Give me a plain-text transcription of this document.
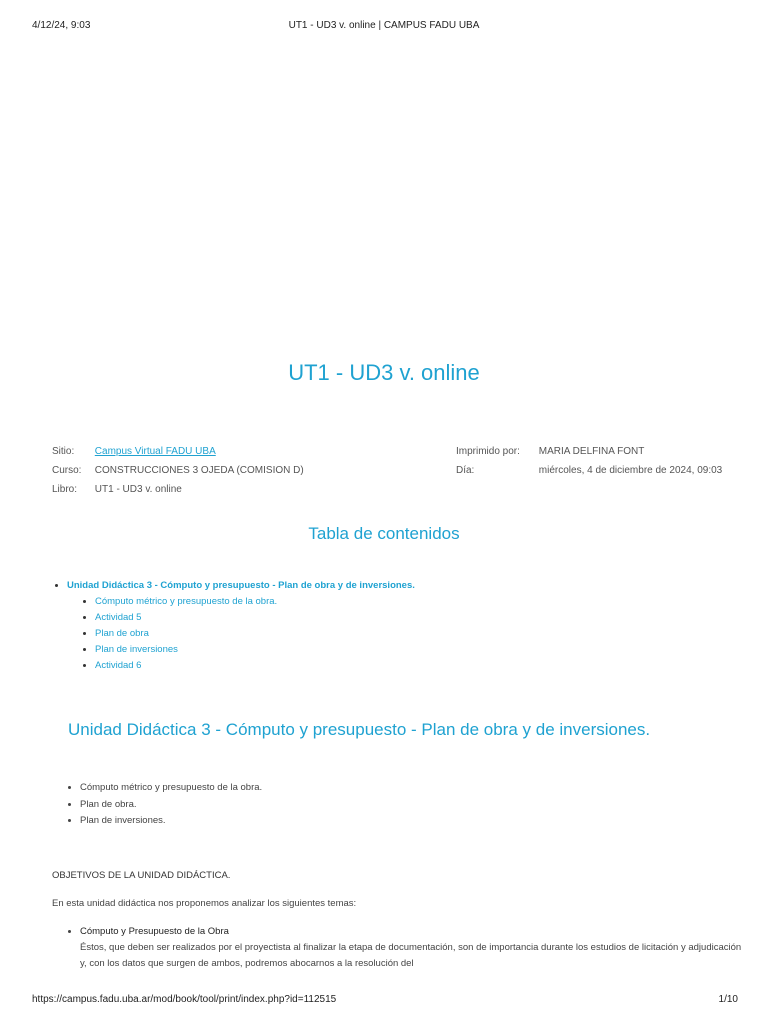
4/12/24, 9:03	UT1 - UD3 v. online | CAMPUS FADU UBA
UT1 - UD3 v. online
Sitio: Campus Virtual FADU UBA
Curso: CONSTRUCCIONES 3 OJEDA (COMISION D)
Libro: UT1 - UD3 v. online
Imprimido por: MARIA DELFINA FONT
Día:	miércoles, 4 de diciembre de 2024, 09:03
Tabla de contenidos
• Unidad Didáctica 3 - Cómputo y presupuesto - Plan de obra y de inversiones.
• Cómputo métrico y presupuesto de la obra.
• Actividad 5
• Plan de obra
• Plan de inversiones
• Actividad 6
Unidad Didáctica 3 - Cómputo y presupuesto - Plan de obra y de inversiones.
• Cómputo métrico y presupuesto de la obra.
• Plan de obra.
• Plan de inversiones.
OBJETIVOS DE LA UNIDAD DIDÁCTICA.

En esta unidad didáctica nos proponemos analizar los siguientes temas:

• Cómputo y Presupuesto de la Obra
Éstos, que deben ser realizados por el proyectista al finalizar la etapa de documentación, son de importancia durante los estudios de licitación y adjudicación y, con los datos que surgen de ambos, podremos abocarnos a la resolución del
https://campus.fadu.uba.ar/mod/book/tool/print/index.php?id=112515	1/10
